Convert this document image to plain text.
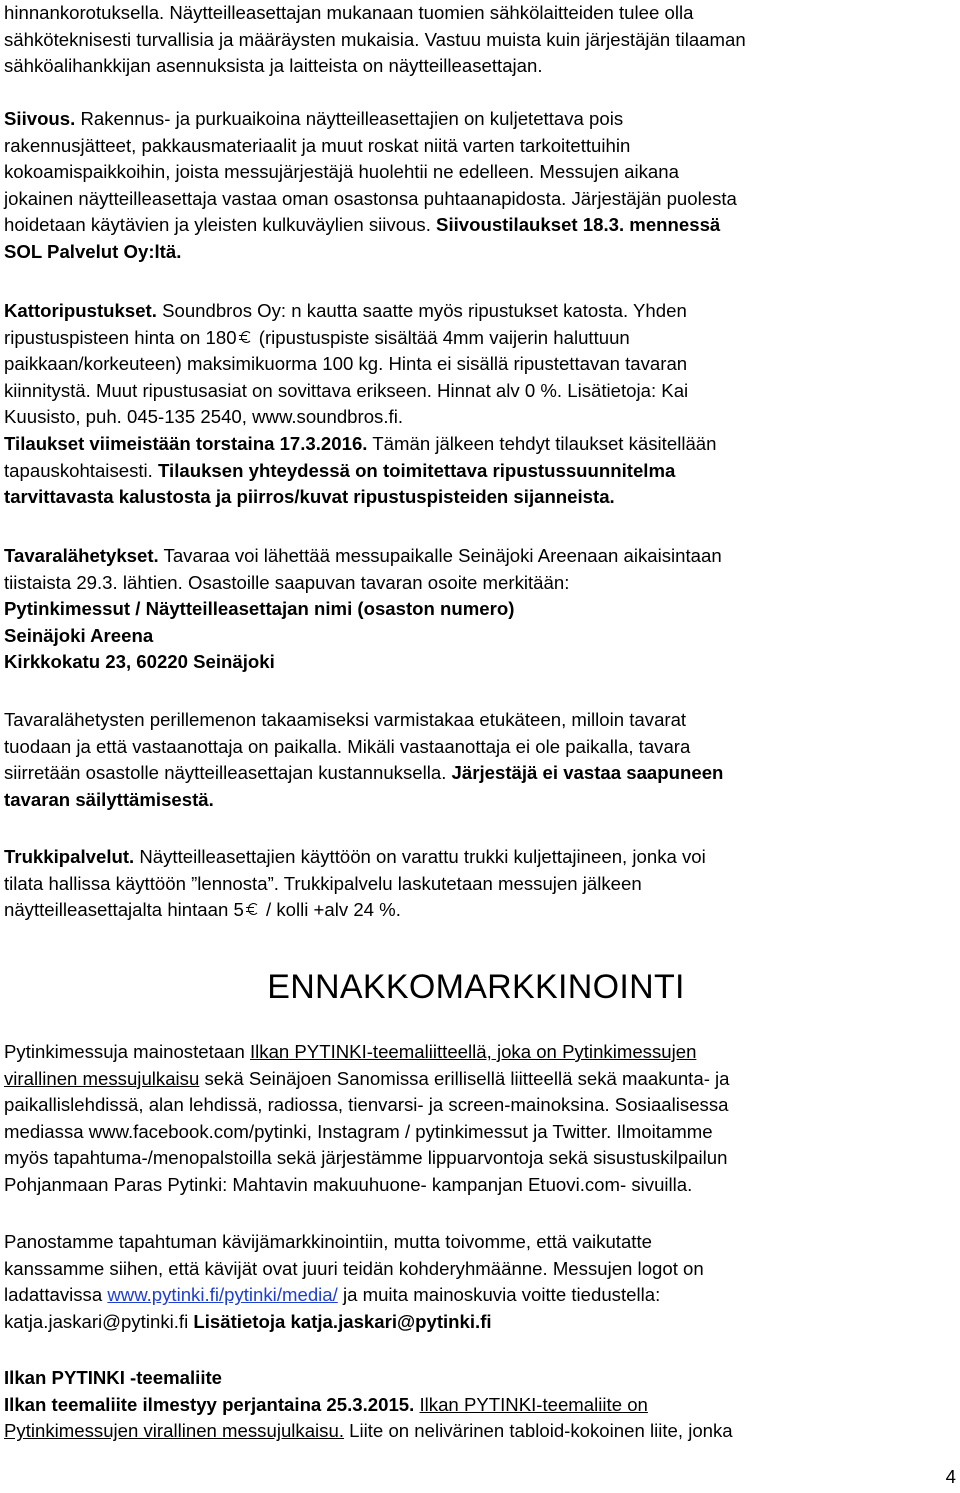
hinnankorotuksella. Näytteilleasettajan mukanaan tuomien sähkölaitteiden tulee olla

sähköteknisesti turvallisia ja määräysten mukaisia. Vastuu muista kuin järjestäjän tilaaman

sähköalihankkijan asennuksista ja laitteista on näytteilleasettajan.

Siivous. Rakennus- ja purkuaikoina näytteilleasettajien on kuljetettava pois

rakennusjätteet, pakkausmateriaalit ja muut roskat niitä varten tarkoitettuihin

kokoamispaikkoihin, joista messujärjestäjä huolehtii ne edelleen. Messujen aikana

jokainen näytteilleasettaja vastaa oman osastonsa puhtaanapidosta. Järjestäjän puolesta

hoidetaan käytävien ja yleisten kulkuväylien siivous. Siivoustilaukset 18.3. mennessä

SOL Palvelut Oy:ltä.

Kattoripustukset. Soundbros Oy: n kautta saatte myös ripustukset katosta. Yhden

ripustuspisteen hinta on 180 (ripustuspiste sisältää 4mm vaijerin haluttuun

paikkaan/korkeuteen) maksimikuorma 100 kg. Hinta ei sisällä ripustettavan tavaran

kiinnitystä. Muut ripustusasiat on sovittava erikseen. Hinnat alv 0 %. Lisätietoja: Kai

Kuusisto, puh. 045-135 2540, www.soundbros.fi.

Tilaukset viimeistään torstaina 17.3.2016. Tämän jälkeen tehdyt tilaukset käsitellään

tapauskohtaisesti. Tilauksen yhteydessä on toimitettava ripustussuunnitelma

tarvittavasta kalustosta ja piirros/kuvat ripustuspisteiden sijanneista.

Tavaralähetykset. Tavaraa voi lähettää messupaikalle Seinäjoki Areenaan aikaisintaan

tiistaista 29.3. lähtien. Osastoille saapuvan tavaran osoite merkitään:

Pytinkimessut / Näytteilleasettajan nimi (osaston numero)

Seinäjoki Areena

Kirkkokatu 23, 60220 Seinäjoki

Tavaralähetysten perillemenon takaamiseksi varmistakaa etukäteen, milloin tavarat

tuodaan ja että vastaanottaja on paikalla. Mikäli vastaanottaja ei ole paikalla, tavara

siirretään osastolle näytteilleasettajan kustannuksella. Järjestäjä ei vastaa saapuneen

tavaran säilyttämisestä.

Trukkipalvelut. Näytteilleasettajien käyttöön on varattu trukki kuljettajineen, jonka voi

tilata hallissa käyttöön ”lennosta”. Trukkipalvelu laskutetaan messujen jälkeen

näytteilleasettajalta hintaan 5 / kolli +alv 24 %.

ENNAKKOMARKKINOINTI

Pytinkimessuja mainostetaan Ilkan PYTINKI-teemaliitteellä, joka on Pytinkimessujen

virallinen messujulkaisu sekä Seinäjoen Sanomissa erillisellä liitteellä sekä maakunta- ja

paikallislehdissä, alan lehdissä, radiossa, tienvarsi- ja screen-mainoksina. Sosiaalisessa

mediassa www.facebook.com/pytinki, Instagram / pytinkimessut ja Twitter. Ilmoitamme

myös tapahtuma-/menopalstoilla sekä järjestämme lippuarvontoja sekä sisustuskilpailun

Pohjanmaan Paras Pytinki: Mahtavin makuuhuone- kampanjan Etuovi.com- sivuilla.

Panostamme tapahtuman kävijämarkkinointiin, mutta toivomme, että vaikutatte

kanssamme siihen, että kävijät ovat juuri teidän kohderyhmäänne. Messujen logot on

ladattavissa www.pytinki.fi/pytinki/media/ ja muita mainoskuvia voitte tiedustella:

katja.jaskari@pytinki.fi Lisätietoja katja.jaskari@pytinki.fi

Ilkan PYTINKI -teemaliite

Ilkan teemaliite ilmestyy perjantaina 25.3.2015. Ilkan PYTINKI-teemaliite on

Pytinkimessujen virallinen messujulkaisu. Liite on nelivärinen tabloid-kokoinen liite, jonka

4
